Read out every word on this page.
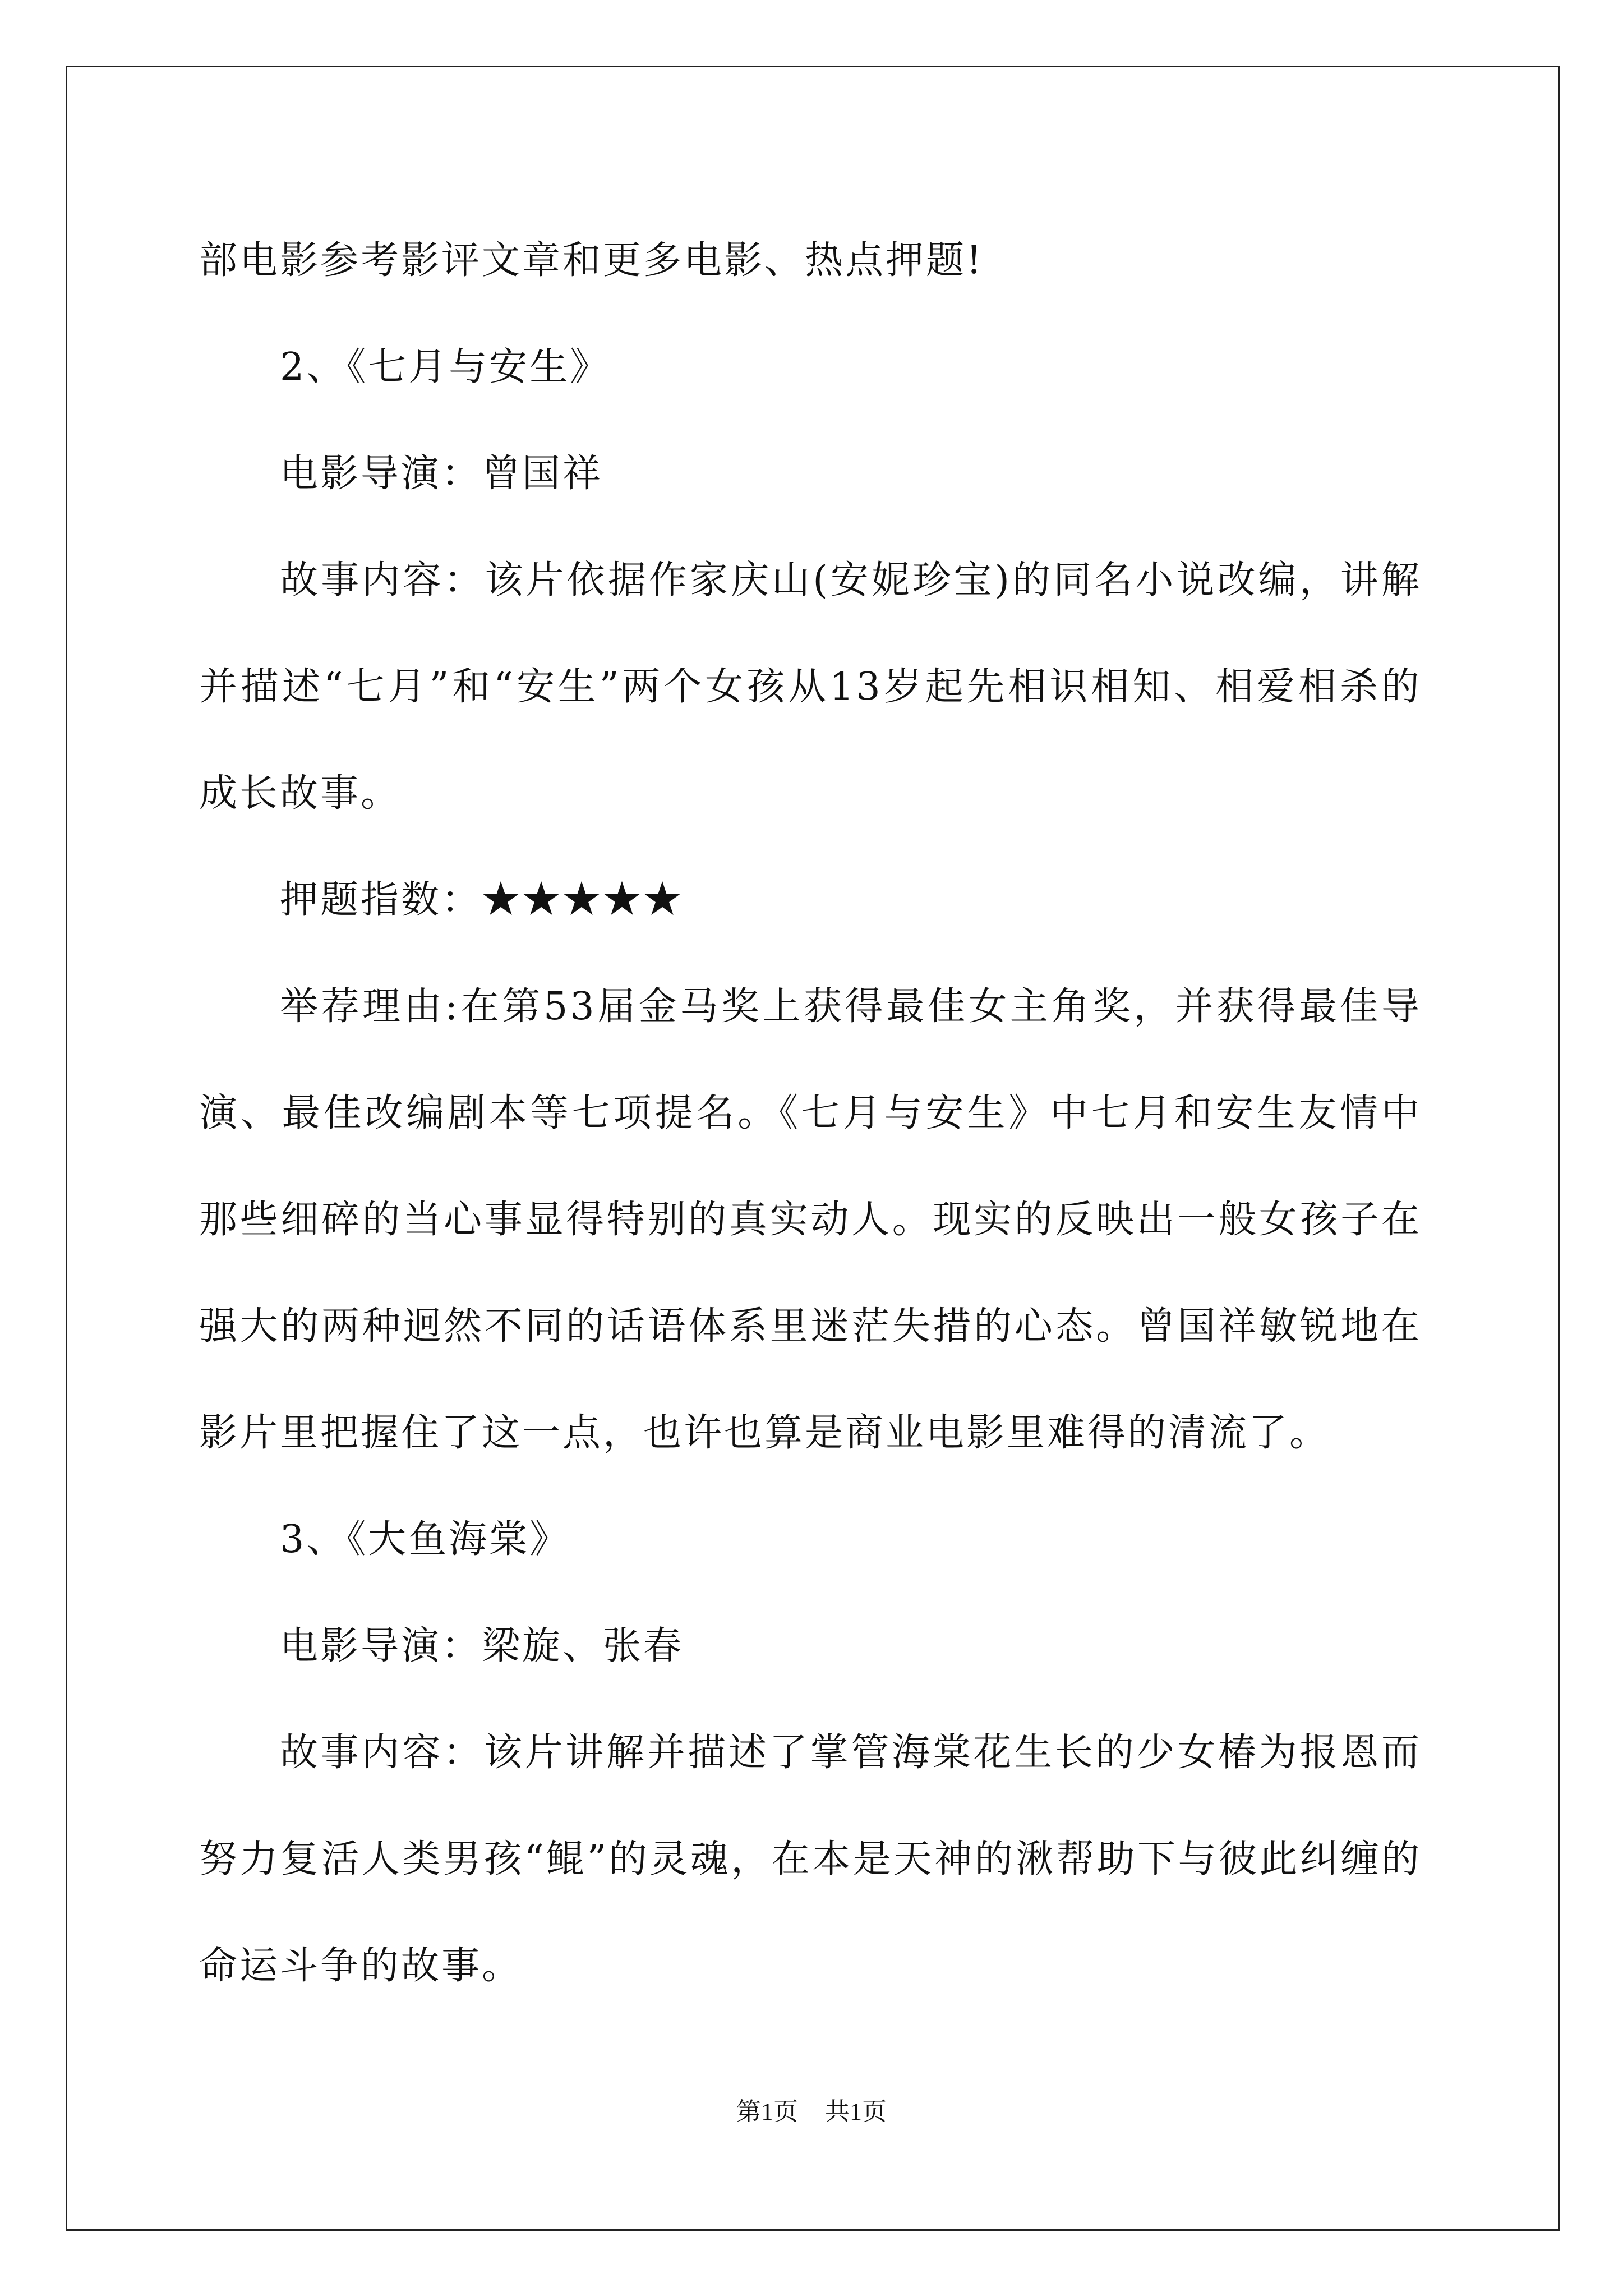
部电影参考影评文章和更多电影、热点押题!

2、《七月与安生》

电影导演：曾国祥

故事内容：该片依据作家庆山(安妮珍宝)的同名小说改编，讲解并描述“七月”和“安生”两个女孩从13岁起先相识相知、相爱相杀的成长故事。

押题指数：★★★★★

举荐理由:在第53届金马奖上获得最佳女主角奖，并获得最佳导演、最佳改编剧本等七项提名。《七月与安生》中七月和安生友情中那些细碎的当心事显得特别的真实动人。现实的反映出一般女孩子在强大的两种迥然不同的话语体系里迷茫失措的心态。曾国祥敏锐地在影片里把握住了这一点，也许也算是商业电影里难得的清流了。

3、《大鱼海棠》

电影导演：梁旋、张春

故事内容：该片讲解并描述了掌管海棠花生长的少女椿为报恩而努力复活人类男孩“鲲”的灵魂，在本是天神的湫帮助下与彼此纠缠的命运斗争的故事。

第1页 共1页
